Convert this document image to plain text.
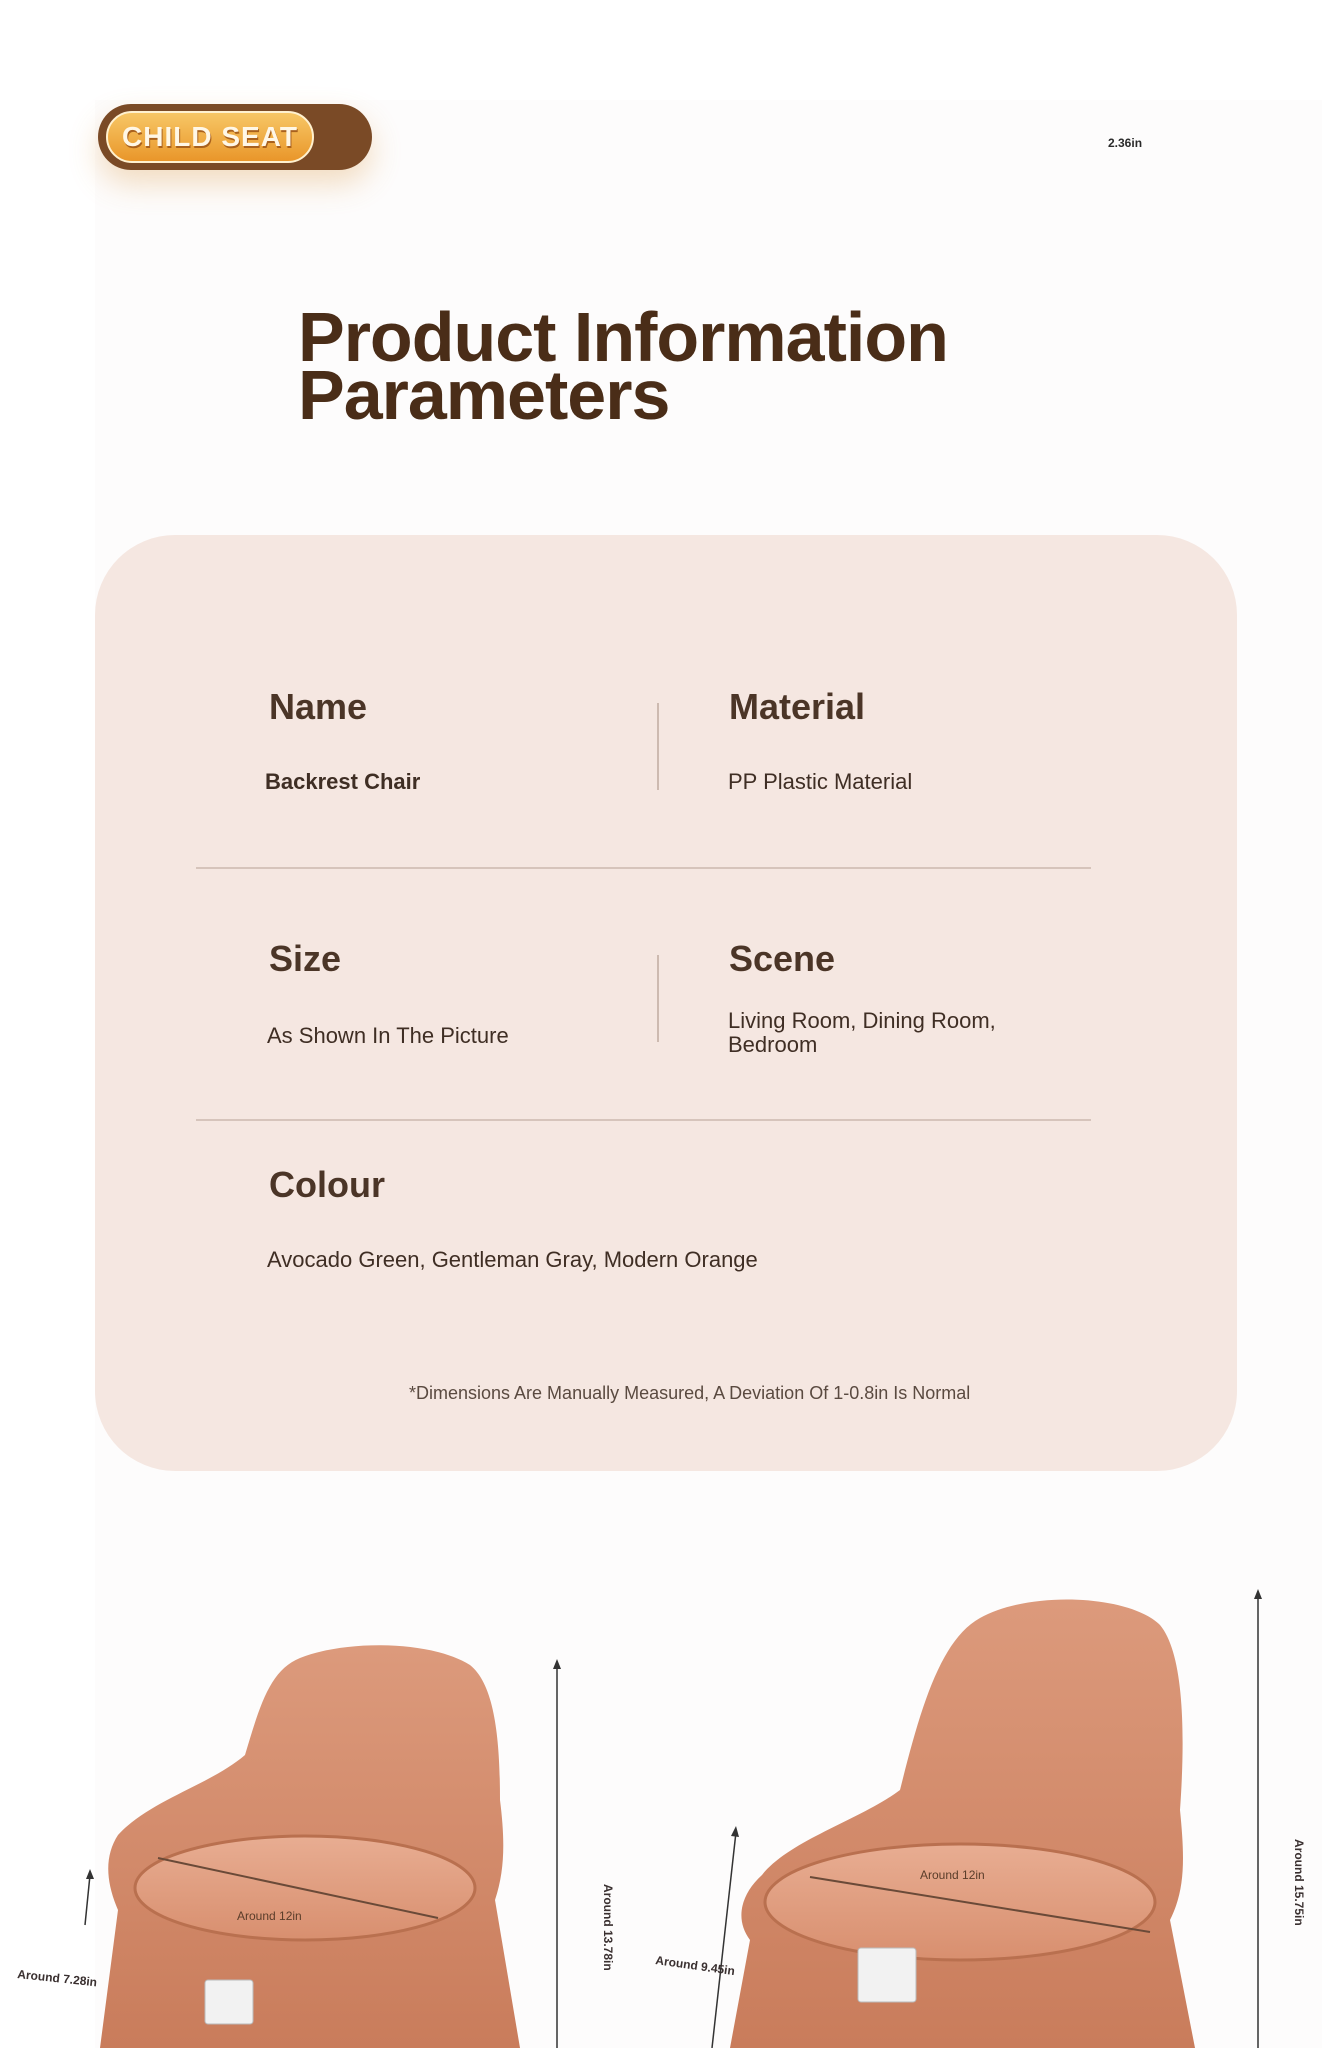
CHILD SEAT	2.36in
Product Information
Parameters
Name
Backrest Chair
Material
PP Plastic Material
Size
As Shown In The Picture
Scene
Living Room, Dining Room,
Bedroom
Colour
Avocado Green, Gentleman Gray, Modern Orange
*Dimensions Are Manually Measured, A Deviation Of 1-0.8in Is Normal
Around 12in	Around 13.78in
Around 7.28in
Around 12in	Around 15.75in
Around 9.45in
